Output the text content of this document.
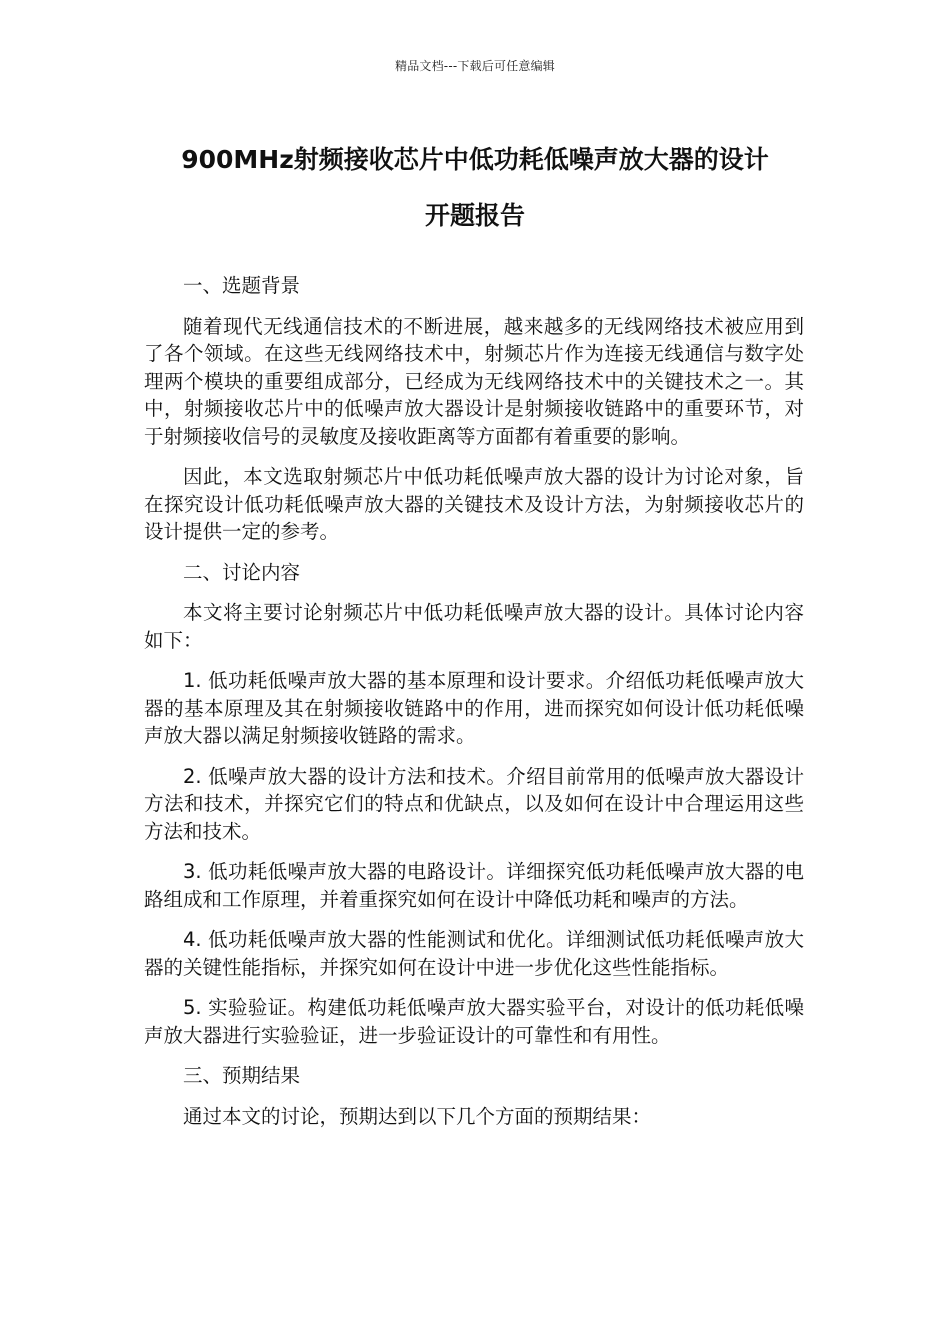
精品文档---下载后可任意编辑
900MHz射频接收芯片中低功耗低噪声放大器的设计
开题报告

一、选题背景

随着现代无线通信技术的不断进展，越来越多的无线网络技术被应用到了各个领域。在这些无线网络技术中，射频芯片作为连接无线通信与数字处理两个模块的重要组成部分，已经成为无线网络技术中的关键技术之一。其中，射频接收芯片中的低噪声放大器设计是射频接收链路中的重要环节，对于射频接收信号的灵敏度及接收距离等方面都有着重要的影响。

因此，本文选取射频芯片中低功耗低噪声放大器的设计为讨论对象，旨在探究设计低功耗低噪声放大器的关键技术及设计方法，为射频接收芯片的设计提供一定的参考。

二、讨论内容

本文将主要讨论射频芯片中低功耗低噪声放大器的设计。具体讨论内容如下：

1. 低功耗低噪声放大器的基本原理和设计要求。介绍低功耗低噪声放大器的基本原理及其在射频接收链路中的作用，进而探究如何设计低功耗低噪声放大器以满足射频接收链路的需求。

2. 低噪声放大器的设计方法和技术。介绍目前常用的低噪声放大器设计方法和技术，并探究它们的特点和优缺点，以及如何在设计中合理运用这些方法和技术。

3. 低功耗低噪声放大器的电路设计。详细探究低功耗低噪声放大器的电路组成和工作原理，并着重探究如何在设计中降低功耗和噪声的方法。

4. 低功耗低噪声放大器的性能测试和优化。详细测试低功耗低噪声放大器的关键性能指标，并探究如何在设计中进一步优化这些性能指标。

5. 实验验证。构建低功耗低噪声放大器实验平台，对设计的低功耗低噪声放大器进行实验验证，进一步验证设计的可靠性和有用性。

三、预期结果

通过本文的讨论，预期达到以下几个方面的预期结果：
